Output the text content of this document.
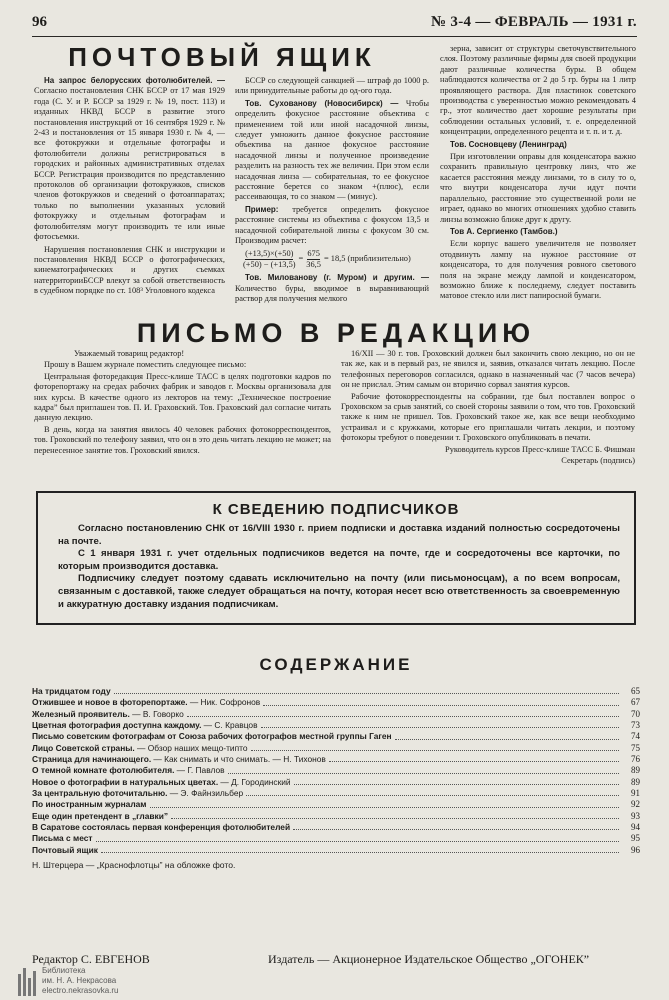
96	№ 3-4 — ФЕВРАЛЬ — 1931 г.
ПОЧТОВЫЙ ЯЩИК

На запрос белорусских фотолюбителей. — Согласно постановления СНК БССР от 17 мая 1929 года (С. У. и Р. БССР за 1929 г. № 19, пост. 113) и изданных НКВД БССР в развитие этого постановления инструкций от 16 сентября 1929 г. № 2-43 и постановления от 15 января 1930 г. № 4, — все фотокружки и отдельные фотографы и фотолюбители должны регистрироваться в городских и районных административных отделах БССР. Регистрация производится по представлению протоколов об организации фотокружков, списков членов фотокружков и сведений о фотоаппаратах; только по выполнении указанных условий фотокружку и отдельным фотографам и фотолюбителям могут производить те или иные фотосъемки.

Нарушения постановления СНК и инструкции и постановления НКВД БССР о фотографических, кинематографических и других съемках натерриторииБССР влекут за собой ответственность в судебном порядке по ст. 108³ Уголовного кодекса

БССР со следующей санкцией — штраф до 1000 р. или принудительные работы до од-ого года.

Тов. Сухованову (Новосибирск) — Чтобы определить фокусное расстояние объектива с применением той или иной насадочной линзы, следует умножить данное фокусное расстояние объектива на данное фокусное расстояние насадочной линзы и полученное произведение разделить на разность тех же величин. При этом если насадочная линза — собирательная, то ее фокусное расстояние берется со знаком +(плюс), если рассеивающая, то со знаком — (минус).

Пример: требуется определить фокусное расстояние системы из объектива с фокусом 13,5 и насадочной собирательной линзы с фокусом 30 см. Производим расчет:

$\frac{(+13,5)\times(+50)}{(+50) - (+13,5)} = \frac{675}{36,5} = 18,5$ (приблизительно)

Тов. Милованову (г. Муром) и другим. — Количество буры, вводимое в выравнивающий раствор для получения мелкого

зерна, зависит от структуры светочувствительного слоя. Поэтому различные фирмы для своей продукции дают различные количества буры. В общем наблюдаются количества от 2 до 5 гр. буры на 1 литр проявляющего раствора. Для пластинок советского производства с уверенностью можно рекомендовать 4 гр., этот количество дает хорошие результаты при соблюдении остальных условий, т. е. определенной концентрации, определенного рецепта и т. п. и т. д.

Тов. Сосновцеву (Ленинград)

При изготовлении оправы для конденсатора важно сохранить правильную центровку линз, что же касается расстояния между линзами, то в силу то о, что внутри конденсатора лучи идут почти параллельно, расстояние это существенной роли не играет, однако во многих отношениях удобно ставить линзы возможно ближе друг к другу.

Тов А. Сергиенко (Тамбов.)

Если корпус вашего увеличителя не позволяет отодвинуть лампу на нужное расстояние от конденсатора, то для получения ровного светового поля на экране между лампой и конденсатором, возможно ближе к последнему, следует поставить матовое стекло или лист папиросной бумаги.

ПИСЬМО В РЕДАКЦИЮ

Уважаемый товарищ редактор!

Прошу в Вашем журнале поместить следующее письмо:

Центральная фоторедакция Пресс-клише ТАСС в целях подготовки кадров по фоторепортажу на средах рабочих фабрик и заводов г. Москвы организовала для них курсы. В качестве одного из лекторов на тему: „Техническое построение кадра” был приглашен тов. П. И. Граховский. Тов. Граховский дал согласие читать данную лекцию.

В день, когда на занятия явилось 40 человек рабочих фотокорреспондентов, тов. Гроховский по телефону заявил, что он в это день читать лекцию не может; на перенесенное занятие тов. Гроховский явился.

16/XII — 30 г. тов. Гроховский должен был закончить свою лекцию, но он не так же, как и в первый раз, не явился и, заявив, отказался читать лекцию. После телефонных переговоров согласился, однако в назначенный час (7 часов вечера) он не прислал. Этим самым он вторично сорвал занятия курсов.

Рабочие фотокорреспонденты на собрании, где был поставлен вопрос о Гроховском за срыв занятий, со своей стороны заявили о том, что тов. Гроховский также к ним не пришел. Тов. Гроховский такое же, как все вещи необходимо устраивал и с кружками, которые его приглашали читать лекции, и поэтому фотокоры требуют о поведении т. Гроховского опубликовать в печати.

Руководитель курсов Пресс-клише ТАСС Б. Фишман

Секретарь (подпись)

К СВЕДЕНИЮ ПОДПИСЧИКОВ

Согласно постановлению СНК от 16/VIII 1930 г. прием подписки и доставка изданий полностью сосредоточены на почте.

С 1 января 1931 г. учет отдельных подписчиков ведется на почте, где и сосредоточены все карточки, по которым производится доставка.

Подписчику следует поэтому сдавать исключительно на почту (или письмоносцам), а по всем вопросам, связанным с доставкой, также следует обращаться на почту, которая несет всю ответственность за своевременную и аккуратную доставку издания подписчикам.

СОДЕРЖАНИЕ
На тридцатом году	65
Отжившее и новое в фоторепортаже. — Ник. Софронов	67
Железный проявитель. — В. Говорко	70
Цветная фотография доступна каждому. — С. Кравцов	73
Письмо советским фотографам от Союза рабочих фотографов местной группы Гаген	74
Лицо Советской страны. — Обзор наших мещо-типто	75
Страница для начинающего. — Как снимать и что снимать. — Н. Тихонов	76
О темной комнате фотолюбителя. — Г. Павлов	89
Новое о фотографии в натуральных цветах. — Д. Городинский	89
За центральную фоточитальню. — Э. Файнзильбер	91
По иностранным журналам	92
Еще один претендент в „главки”	93
В Саратове состоялась первая конференция фотолюбителей	94
Письма с мест	95
Почтовый ящик	96
Н. Штерцера — „Краснофлотцы” на обложке фото.
Редактор С. ЕВГЕНОВ	Издатель — Акционерное Издательское Общество „ОГОНЕК”
Библиотека
им. Н. А. Некрасова
electro.nekrasovka.ru
